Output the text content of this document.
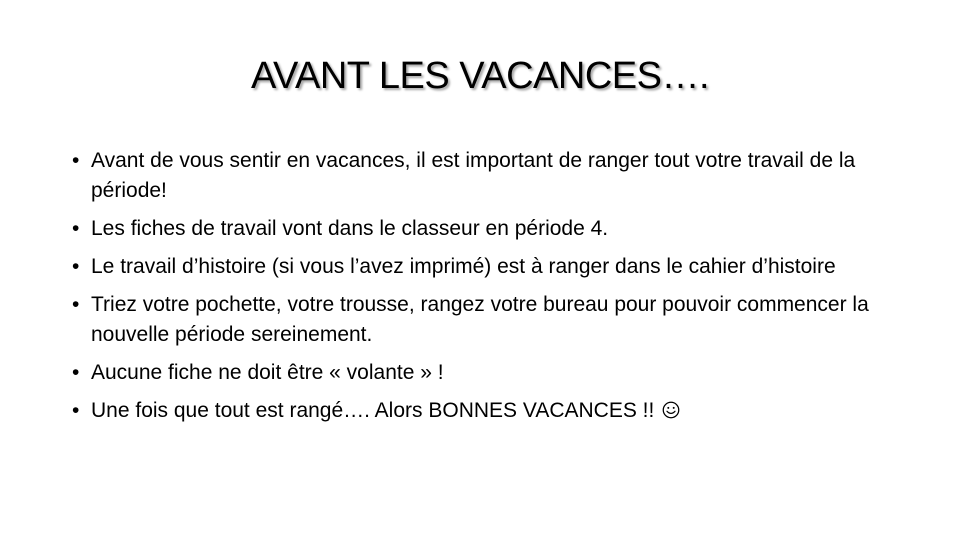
AVANT LES VACANCES….
• Avant de vous sentir en vacances, il est important de ranger tout votre travail de la période!
• Les fiches de travail vont dans le classeur en période 4.
• Le travail d’histoire (si vous l’avez imprimé) est à ranger dans le cahier d’histoire
• Triez votre pochette, votre trousse, rangez votre bureau pour pouvoir commencer la nouvelle période sereinement.
• Aucune fiche ne doit être « volante » !
• Une fois que tout est rangé…. Alors BONNES VACANCES !!
